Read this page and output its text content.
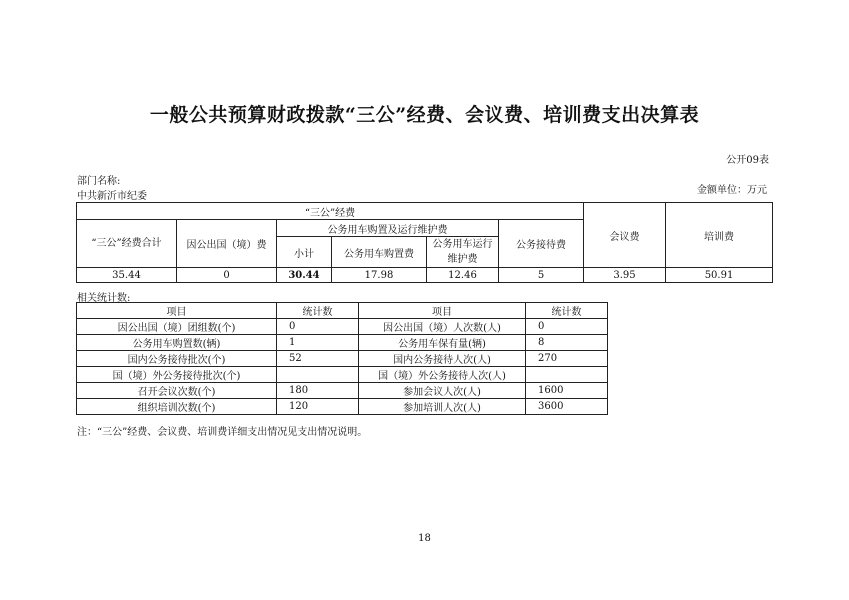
一般公共预算财政拨款“三公”经费、会议费、培训费支出决算表
公开09表
部门名称:
中共新沂市纪委
金额单位：万元
“三公”经费						会议费	培训费
“三公”经费合计	因公出国（境）费	公务用车购置及运行维护费			公务接待费		
		小计	公务用车购置费	公务用车运行维护费			
35.44	0	30.44	17.98	12.46	5	3.95	50.91
相关统计数:
项目	统计数	项目	统计数
因公出国（境）团组数(个)	0	因公出国（境）人次数(人)	0
公务用车购置数(辆)	1	公务用车保有量(辆)	8
国内公务接待批次(个)	52	国内公务接待人次(人)	270
国（境）外公务接待批次(个)		国（境）外公务接待人次(人)	
召开会议次数(个)	180	参加会议人次(人)	1600
组织培训次数(个)	120	参加培训人次(人)	3600
注：“三公”经费、会议费、培训费详细支出情况见支出情况说明。
18
